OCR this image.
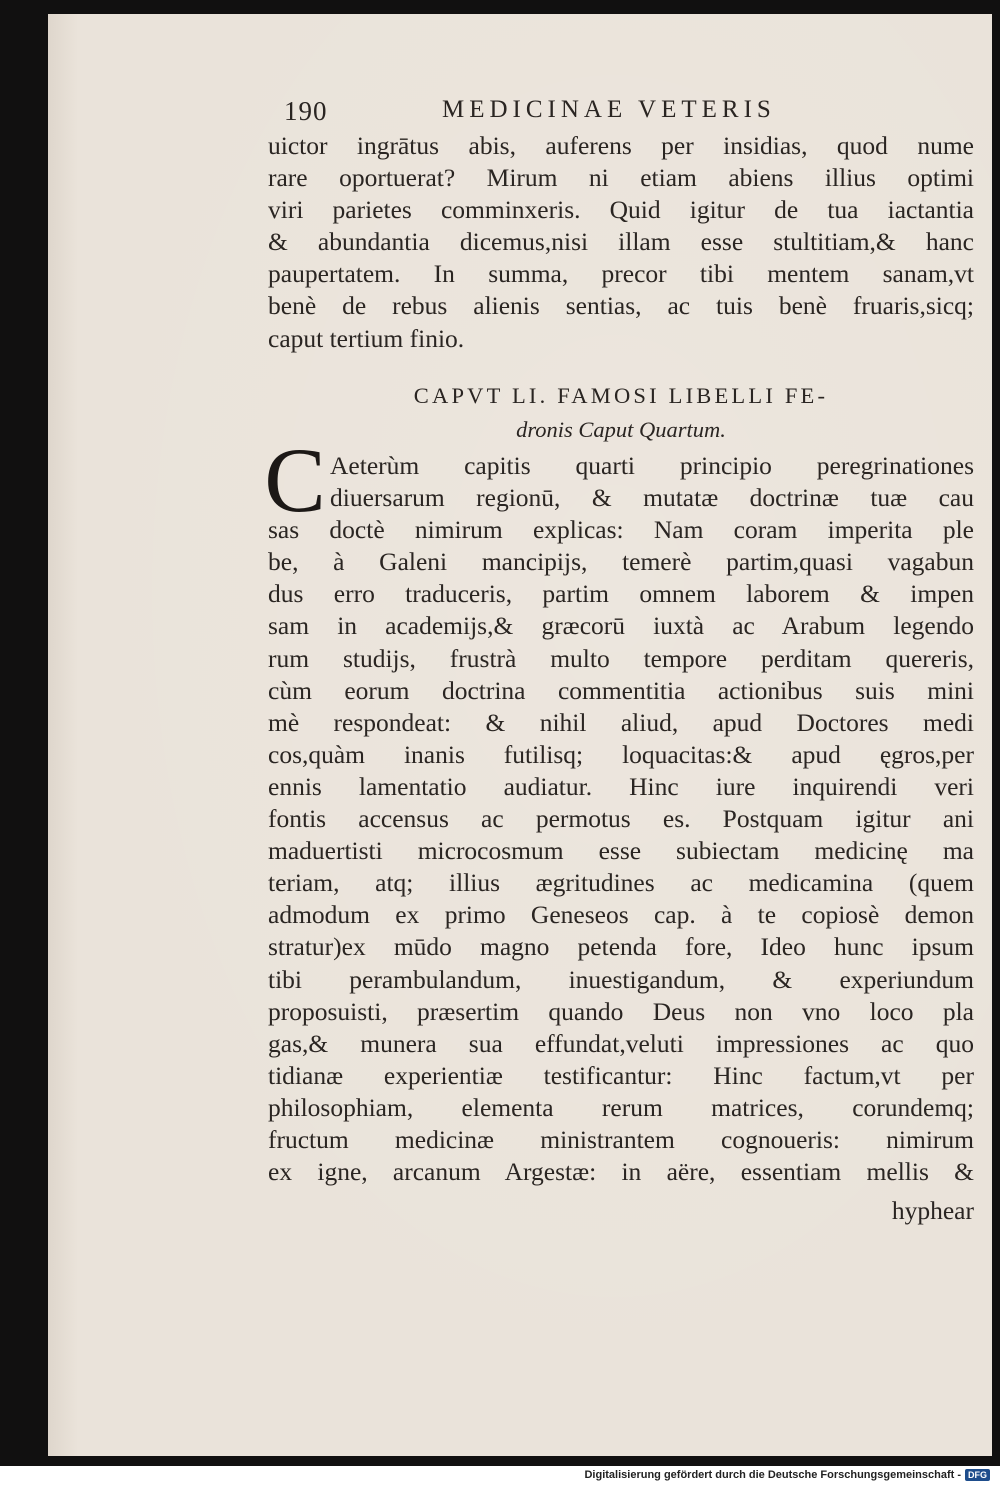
190	MEDICINAE VETERIS
uictor ingrātus abis, auferens per insidias, quod nume
rare oportuerat? Mirum ni etiam abiens illius optimi
viri parietes comminxeris. Quid igitur de tua iactantia
& abundantia dicemus,nisi illam esse stultitiam,& hanc
paupertatem. In summa, precor tibi mentem sanam,vt
benè de rebus alienis sentias, ac tuis benè fruaris,sicq;
caput tertium finio.
CAPVT LI. FAMOSI LIBELLI FE-
dronis Caput Quartum.
C Aeterùm capitis quarti principio peregrinationes
diuersarum regionū, & mutatæ doctrinæ tuæ cau
sas doctè nimirum explicas: Nam coram imperita ple
be, à Galeni mancipijs, temerè partim,quasi vagabun
dus erro traduceris, partim omnem laborem & impen
sam in academijs,& græcorū iuxtà ac Arabum legendo
rum studijs, frustrà multo tempore perditam quereris,
cùm eorum doctrina commentitia actionibus suis mini
mè respondeat: & nihil aliud, apud Doctores medi
cos,quàm inanis futilisq; loquacitas:& apud ęgros,per
ennis lamentatio audiatur. Hinc iure inquirendi veri
fontis accensus ac permotus es. Postquam igitur ani
maduertisti microcosmum esse subiectam medicinę ma
teriam, atq; illius ægritudines ac medicamina (quem
admodum ex primo Geneseos cap. à te copiosè demon
stratur)ex mūdo magno petenda fore, Ideo hunc ipsum
tibi perambulandum, inuestigandum, & experiundum
proposuisti, præsertim quando Deus non vno loco pla
gas,& munera sua effundat,veluti impressiones ac quo
tidianæ experientiæ testificantur: Hinc factum,vt per
philosophiam, elementa rerum matrices, corundemq;
fructum medicinæ ministrantem cognoueris: nimirum
ex igne, arcanum Argestæ: in aëre, essentiam mellis &
hyphear
Digitalisierung gefördert durch die Deutsche Forschungsgemeinschaft - DFG
